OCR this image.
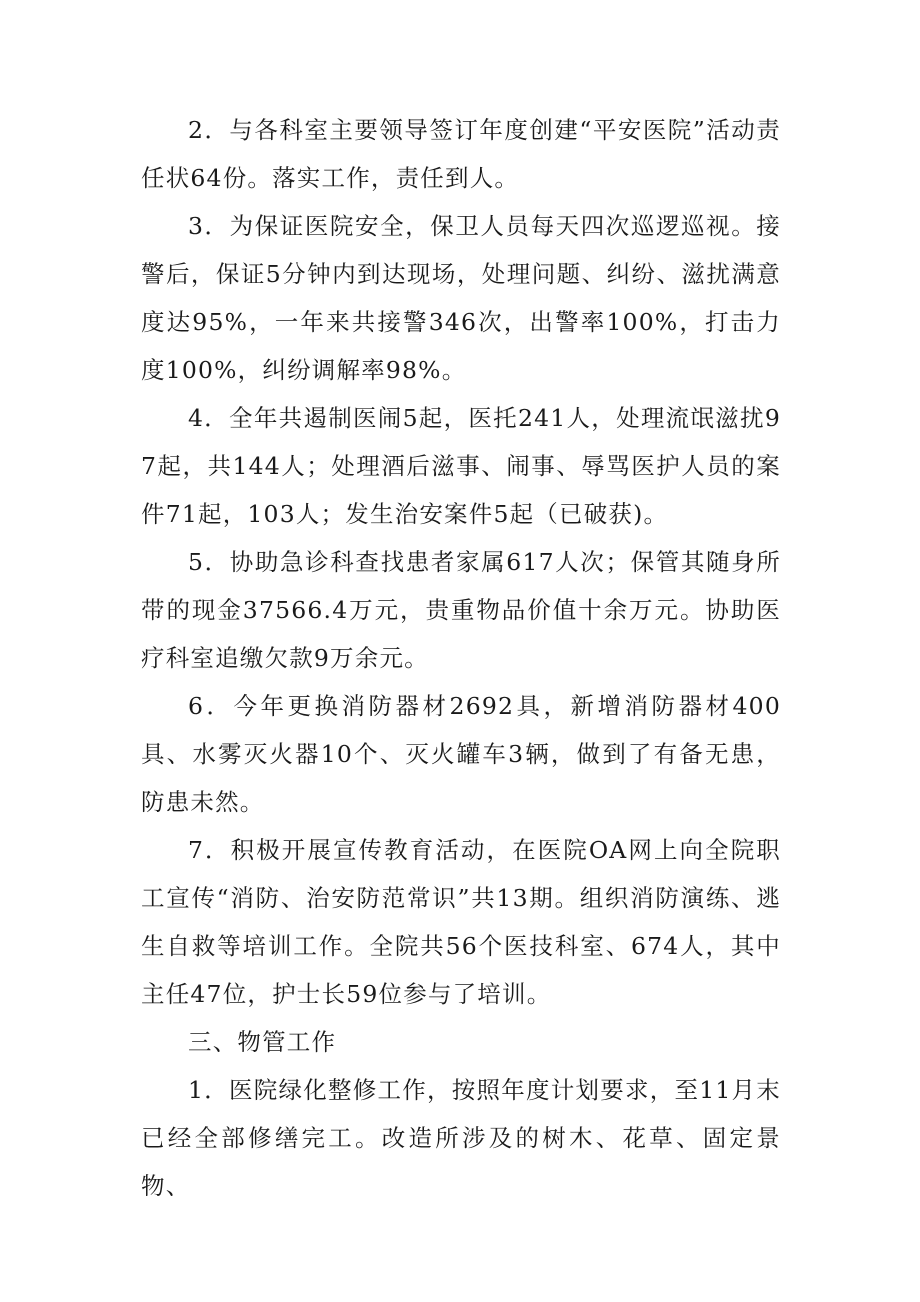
2．与各科室主要领导签订年度创建“平安医院”活动责任状64份。落实工作，责任到人。

3．为保证医院安全，保卫人员每天四次巡逻巡视。接警后，保证5分钟内到达现场，处理问题、纠纷、滋扰满意度达95%，一年来共接警346次，出警率100%，打击力度100%，纠纷调解率98%。

4．全年共遏制医闹5起，医托241人，处理流氓滋扰97起，共144人；处理酒后滋事、闹事、辱骂医护人员的案件71起，103人；发生治安案件5起（已破获)。

5．协助急诊科查找患者家属617人次；保管其随身所带的现金37566.4万元，贵重物品价值十余万元。协助医疗科室追缴欠款9万余元。

6．今年更换消防器材2692具，新增消防器材400具、水雾灭火器10个、灭火罐车3辆，做到了有备无患，防患未然。

7．积极开展宣传教育活动，在医院OA网上向全院职工宣传“消防、治安防范常识”共13期。组织消防演练、逃生自救等培训工作。全院共56个医技科室、674人，其中主任47位，护士长59位参与了培训。

三、物管工作

1．医院绿化整修工作，按照年度计划要求，至11月末已经全部修缮完工。改造所涉及的树木、花草、固定景物、
